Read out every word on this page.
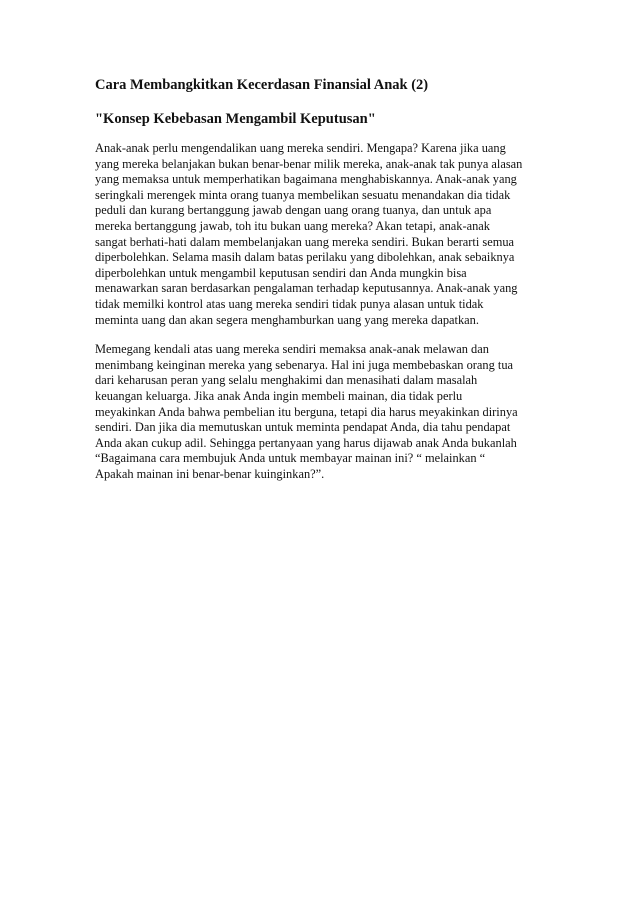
Cara Membangkitkan Kecerdasan Finansial Anak (2)
"Konsep Kebebasan Mengambil Keputusan"

Anak-anak perlu mengendalikan uang mereka sendiri. Mengapa? Karena jika uang
yang mereka belanjakan bukan benar-benar milik mereka, anak-anak tak punya alasan
yang memaksa untuk memperhatikan bagaimana menghabiskannya. Anak-anak yang
seringkali merengek minta orang tuanya membelikan sesuatu menandakan dia tidak
peduli dan kurang bertanggung jawab dengan uang orang tuanya, dan untuk apa
mereka bertanggung jawab, toh itu bukan uang mereka? Akan tetapi, anak-anak
sangat berhati-hati dalam membelanjakan uang mereka sendiri. Bukan berarti semua
diperbolehkan. Selama masih dalam batas perilaku yang dibolehkan, anak sebaiknya
diperbolehkan untuk mengambil keputusan sendiri dan Anda mungkin bisa
menawarkan saran berdasarkan pengalaman terhadap keputusannya. Anak-anak yang
tidak memilki kontrol atas uang mereka sendiri tidak punya alasan untuk tidak
meminta uang dan akan segera menghamburkan uang yang mereka dapatkan.

Memegang kendali atas uang mereka sendiri memaksa anak-anak melawan dan
menimbang keinginan mereka yang sebenarya. Hal ini juga membebaskan orang tua
dari keharusan peran yang selalu menghakimi dan menasihati dalam masalah
keuangan keluarga. Jika anak Anda ingin membeli mainan, dia tidak perlu
meyakinkan Anda bahwa pembelian itu berguna, tetapi dia harus meyakinkan dirinya
sendiri. Dan jika dia memutuskan untuk meminta pendapat Anda, dia tahu pendapat
Anda akan cukup adil. Sehingga pertanyaan yang harus dijawab anak Anda bukanlah
“Bagaimana cara membujuk Anda untuk membayar mainan ini? “ melainkan “
Apakah mainan ini benar-benar kuinginkan?”.
